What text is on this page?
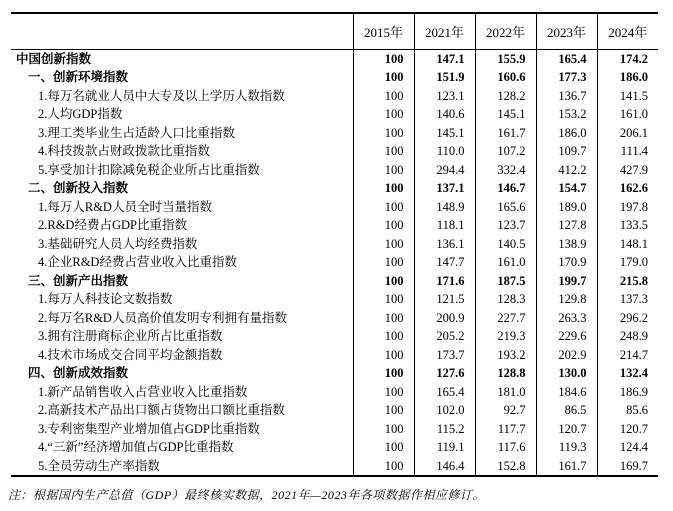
	2015年	2021年	2022年	2023年	2024年
中国创新指数	100	147.1	155.9	165.4	174.2
一、创新环境指数	100	151.9	160.6	177.3	186.0
1.每万名就业人员中大专及以上学历人数指数	100	123.1	128.2	136.7	141.5
2.人均GDP指数	100	140.6	145.1	153.2	161.0
3.理工类毕业生占适龄人口比重指数	100	145.1	161.7	186.0	206.1
4.科技拨款占财政拨款比重指数	100	110.0	107.2	109.7	111.4
5.享受加计扣除减免税企业所占比重指数	100	294.4	332.4	412.2	427.9
二、创新投入指数	100	137.1	146.7	154.7	162.6
1.每万人R&D人员全时当量指数	100	148.9	165.6	189.0	197.8
2.R&D经费占GDP比重指数	100	118.1	123.7	127.8	133.5
3.基础研究人员人均经费指数	100	136.1	140.5	138.9	148.1
4.企业R&D经费占营业收入比重指数	100	147.7	161.0	170.9	179.0
三、创新产出指数	100	171.6	187.5	199.7	215.8
1.每万人科技论文数指数	100	121.5	128.3	129.8	137.3
2.每万名R&D人员高价值发明专利拥有量指数	100	200.9	227.7	263.3	296.2
3.拥有注册商标企业所占比重指数	100	205.2	219.3	229.6	248.9
4.技术市场成交合同平均金额指数	100	173.7	193.2	202.9	214.7
四、创新成效指数	100	127.6	128.8	130.0	132.4
1.新产品销售收入占营业收入比重指数	100	165.4	181.0	184.6	186.9
2.高新技术产品出口额占货物出口额比重指数	100	102.0	92.7	86.5	85.6
3.专利密集型产业增加值占GDP比重指数	100	115.2	117.7	120.7	120.7
4.“三新”经济增加值占GDP比重指数	100	119.1	117.6	119.3	124.4
5.全员劳动生产率指数	100	146.4	152.8	161.7	169.7
注：根据国内生产总值（GDP）最终核实数据，2021年—2023年各项数据作相应修订。
